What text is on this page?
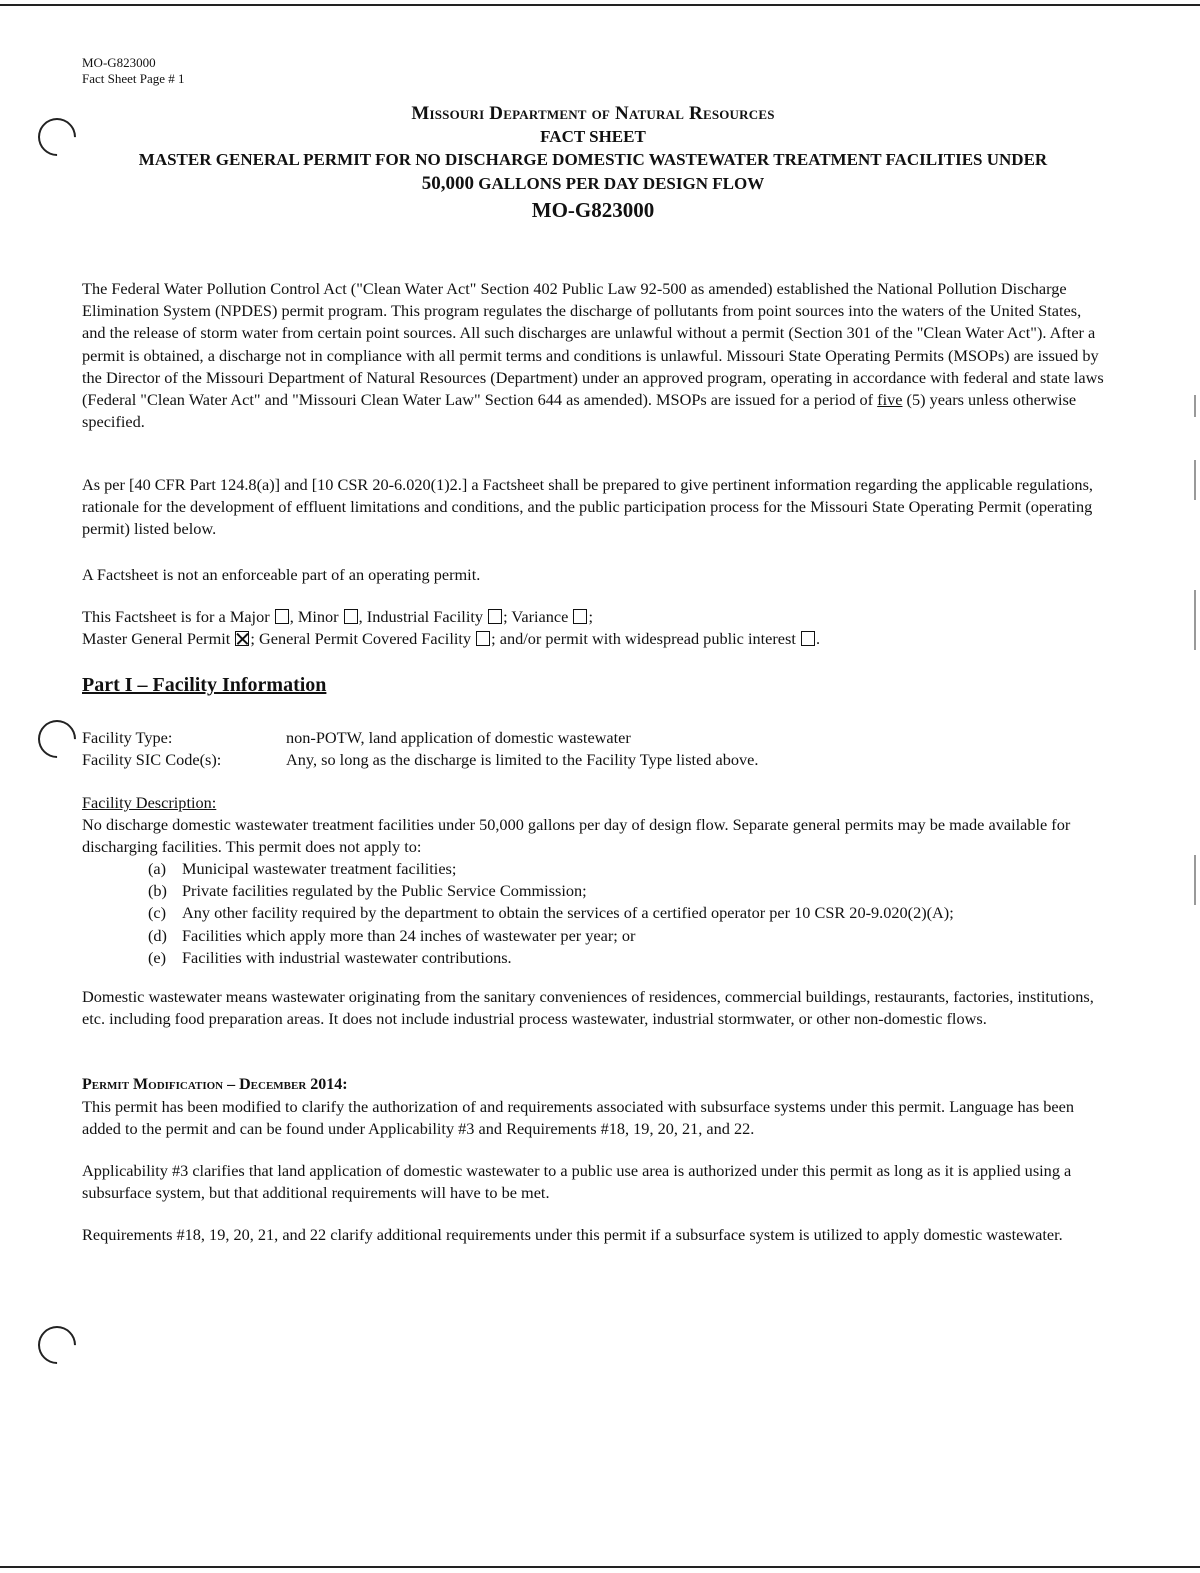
MO-G823000
Fact Sheet Page # 1
Missouri Department of Natural Resources
FACT SHEET
MASTER GENERAL PERMIT FOR NO DISCHARGE DOMESTIC WASTEWATER TREATMENT FACILITIES UNDER
50,000 GALLONS PER DAY DESIGN FLOW
MO-G823000
The Federal Water Pollution Control Act ("Clean Water Act" Section 402 Public Law 92-500 as amended) established the National Pollution Discharge Elimination System (NPDES) permit program. This program regulates the discharge of pollutants from point sources into the waters of the United States, and the release of storm water from certain point sources. All such discharges are unlawful without a permit (Section 301 of the "Clean Water Act"). After a permit is obtained, a discharge not in compliance with all permit terms and conditions is unlawful. Missouri State Operating Permits (MSOPs) are issued by the Director of the Missouri Department of Natural Resources (Department) under an approved program, operating in accordance with federal and state laws (Federal "Clean Water Act" and "Missouri Clean Water Law" Section 644 as amended). MSOPs are issued for a period of five (5) years unless otherwise specified.
As per [40 CFR Part 124.8(a)] and [10 CSR 20-6.020(1)2.] a Factsheet shall be prepared to give pertinent information regarding the applicable regulations, rationale for the development of effluent limitations and conditions, and the public participation process for the Missouri State Operating Permit (operating permit) listed below.
A Factsheet is not an enforceable part of an operating permit.
This Factsheet is for a Major , Minor , Industrial Facility ; Variance ;
Master General Permit ; General Permit Covered Facility ; and/or permit with widespread public interest .
Part I – Facility Information
Facility Type:	non-POTW, land application of domestic wastewater
Facility SIC Code(s):	Any, so long as the discharge is limited to the Facility Type listed above.
Facility Description:
No discharge domestic wastewater treatment facilities under 50,000 gallons per day of design flow. Separate general permits may be made available for discharging facilities. This permit does not apply to:
(a) Municipal wastewater treatment facilities;
(b) Private facilities regulated by the Public Service Commission;
(c) Any other facility required by the department to obtain the services of a certified operator per 10 CSR 20-9.020(2)(A);
(d) Facilities which apply more than 24 inches of wastewater per year; or
(e) Facilities with industrial wastewater contributions.
Domestic wastewater means wastewater originating from the sanitary conveniences of residences, commercial buildings, restaurants, factories, institutions, etc. including food preparation areas. It does not include industrial process wastewater, industrial stormwater, or other non-domestic flows.
Permit Modification – December 2014:
This permit has been modified to clarify the authorization of and requirements associated with subsurface systems under this permit. Language has been added to the permit and can be found under Applicability #3 and Requirements #18, 19, 20, 21, and 22.
Applicability #3 clarifies that land application of domestic wastewater to a public use area is authorized under this permit as long as it is applied using a subsurface system, but that additional requirements will have to be met.
Requirements #18, 19, 20, 21, and 22 clarify additional requirements under this permit if a subsurface system is utilized to apply domestic wastewater.
